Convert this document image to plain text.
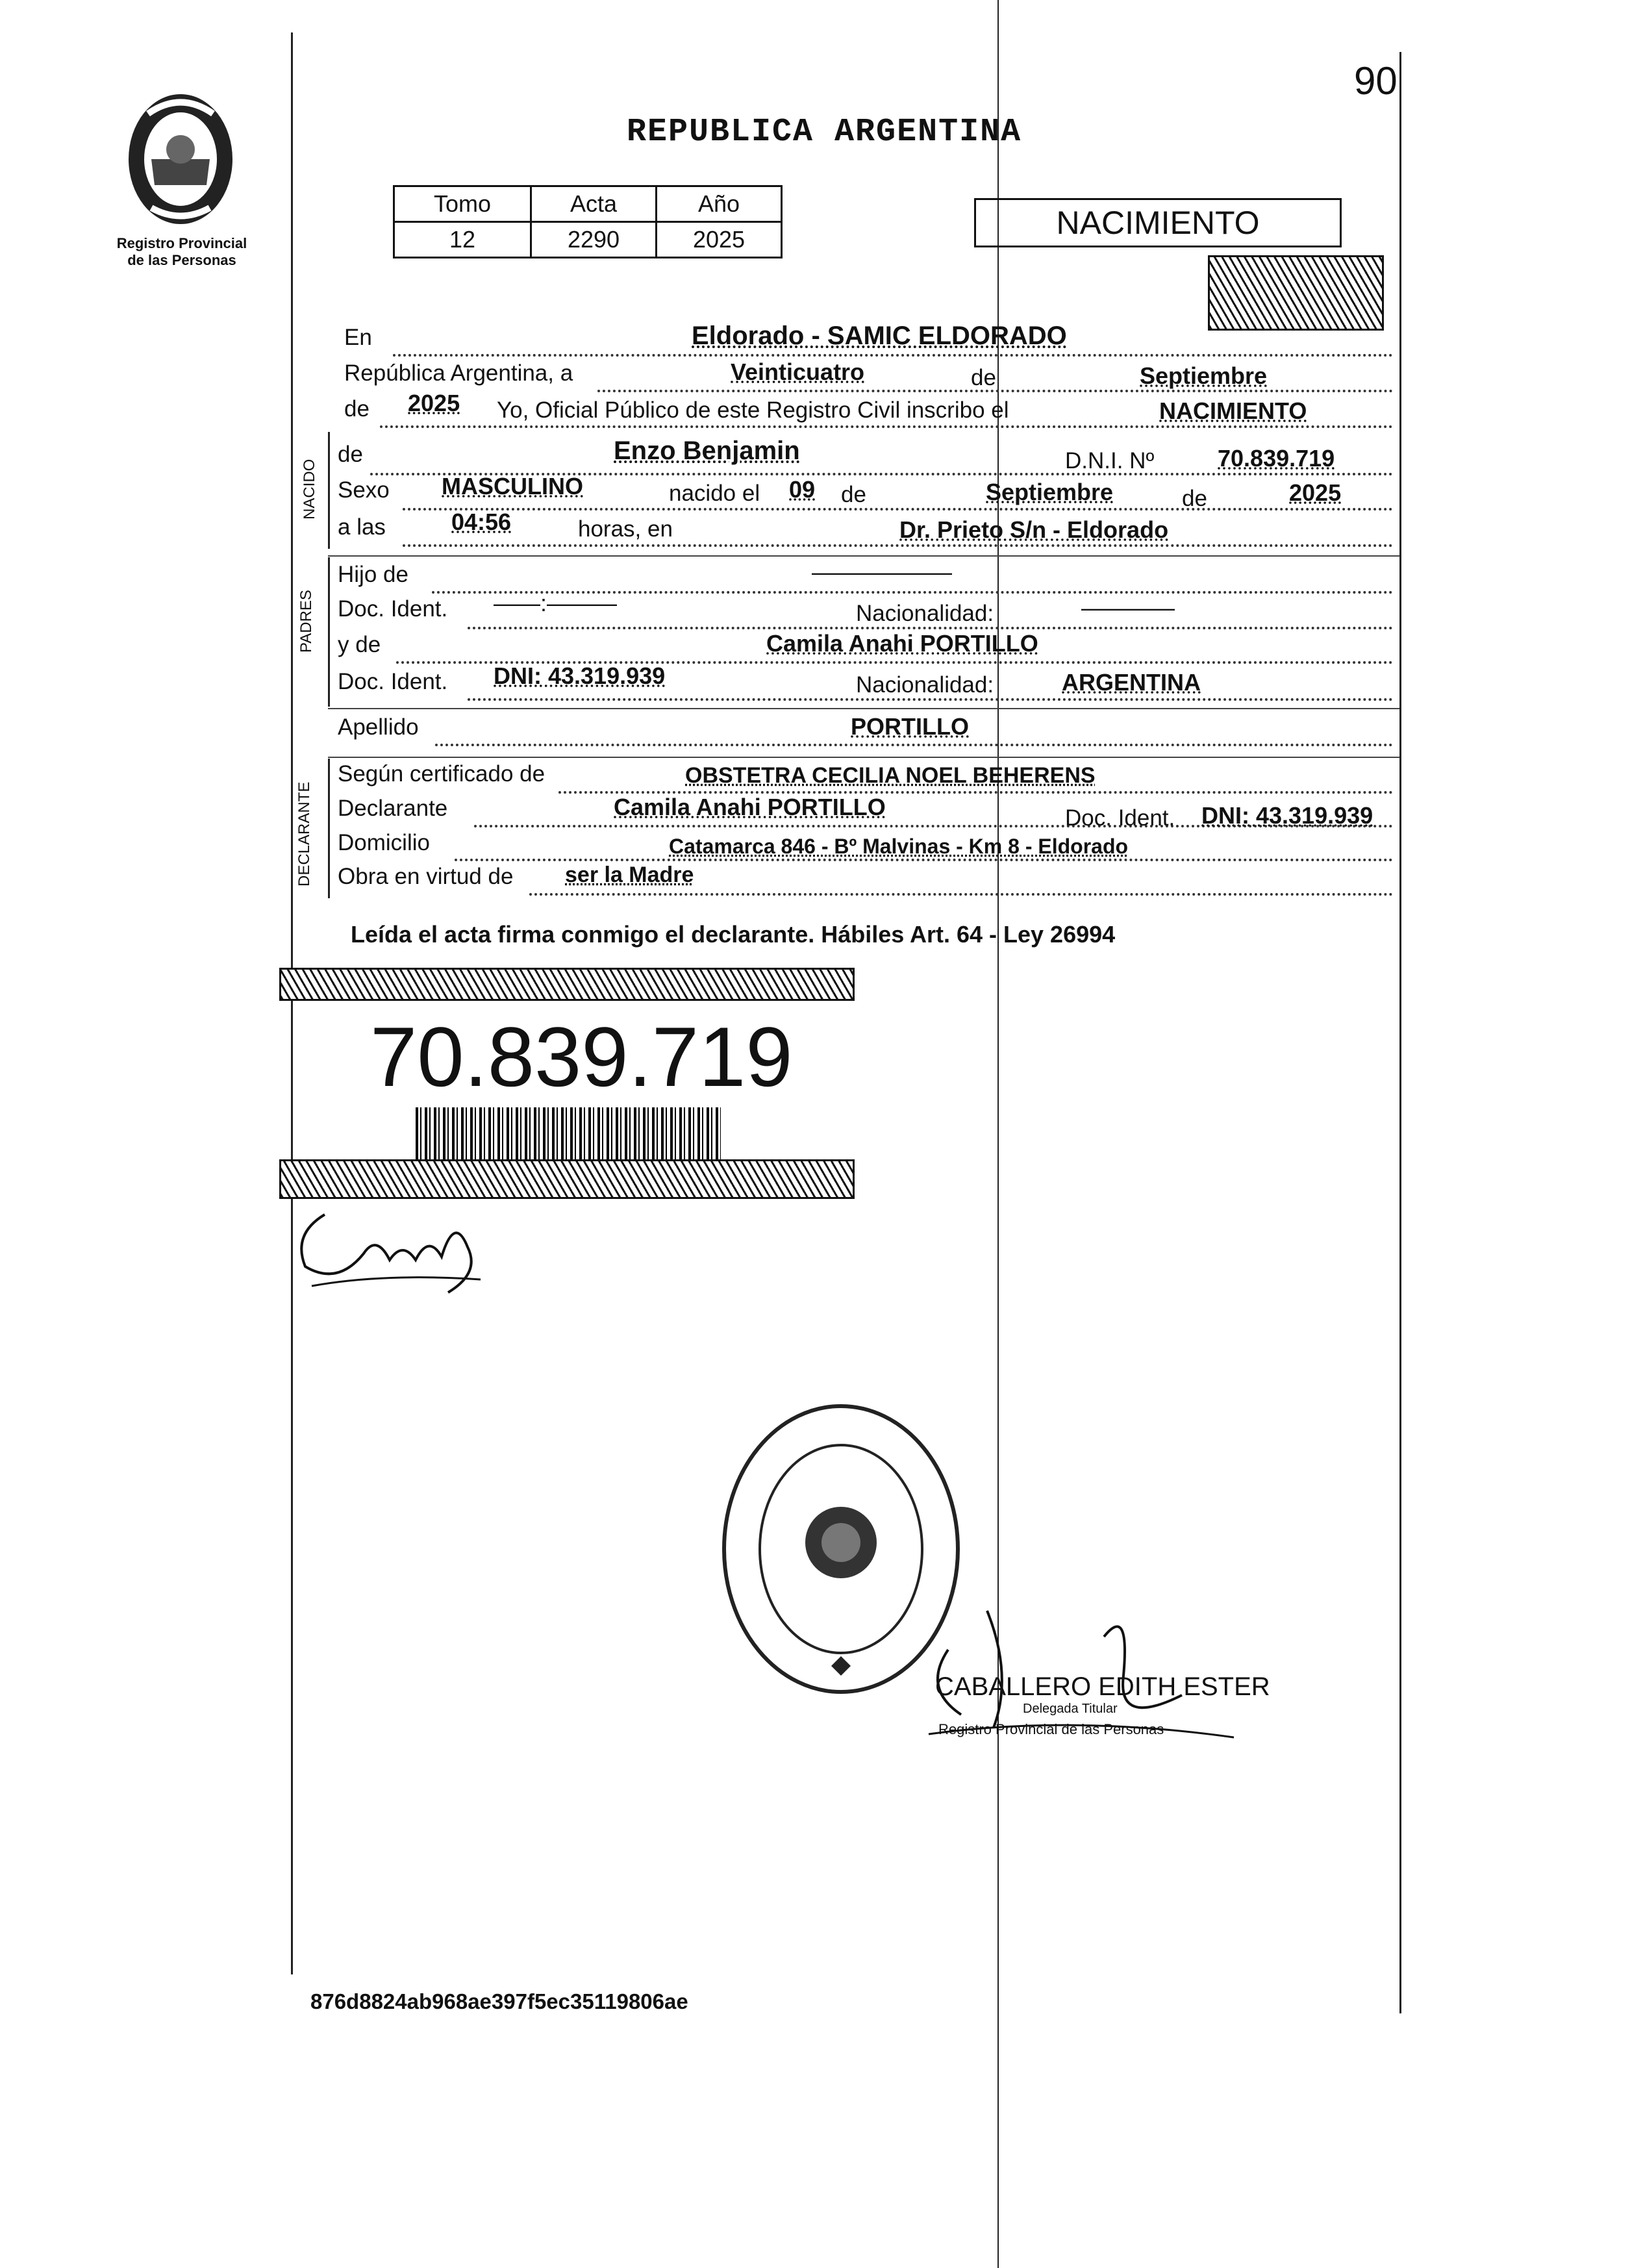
90
Registro Provincial
de las Personas
REPUBLICA ARGENTINA
Tomo	Acta	Año
12	2290	2025	NACIMIENTO
En	Eldorado - SAMIC ELDORADO
República Argentina, a	Veinticuatro	de	Septiembre
de 2025 Yo, Oficial Público de este Registro Civil inscribo el	NACIMIENTO
NACIDO
de	Enzo Benjamin	D.N.I. Nº	70.839.719
Sexo MASCULINO	nacido el 09 de	Septiembre	de	2025
a las	04:56	horas, en	Dr. Prieto S/n - Eldorado
PADRES
Hijo de	——————
Doc. Ident. ——:———	Nacionalidad:	————
y de	Camila Anahi PORTILLO
Doc. Ident. DNI: 43.319.939	Nacionalidad:	ARGENTINA
Apellido	PORTILLO
DECLARANTE
Según certificado de	OBSTETRA CECILIA NOEL BEHERENS
Declarante	Camila Anahi PORTILLO	Doc. Ident. DNI: 43.319.939
Domicilio	Catamarca 846 - Bº Malvinas - Km 8 - Eldorado
Obra en virtud de ser la Madre
Leída el acta firma conmigo el declarante. Hábiles Art. 64 - Ley 26994
70.839.719
CABALLERO EDITH ESTER
Delegada Titular
Registro Provincial de las Personas
876d8824ab968ae397f5ec35119806ae
